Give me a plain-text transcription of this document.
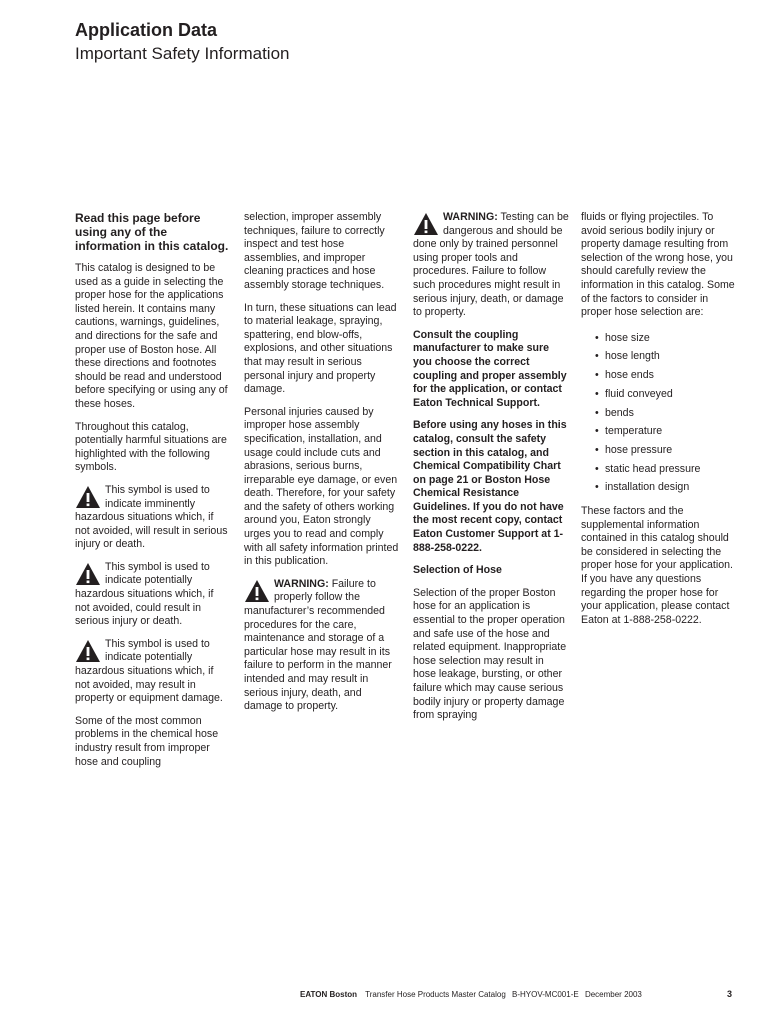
Application Data
Important Safety Information

Read this page before using any of the information in this catalog.

This catalog is designed to be used as a guide in selecting the proper hose for the applications listed herein. It contains many cautions, warnings, guidelines, and directions for the safe and proper use of Boston hose. All these directions and footnotes should be read and understood before specifying or using any of these hoses.

Throughout this catalog, potentially harmful situations are highlighted with the following symbols.

This symbol is used to indicate imminently hazardous situations which, if not avoided, will result in serious injury or death.

This symbol is used to indicate potentially hazardous situations which, if not avoided, could result in serious injury or death.

This symbol is used to indicate potentially hazardous situations which, if not avoided, may result in property or equipment damage.

Some of the most common problems in the chemical hose industry result from improper hose and coupling

selection, improper assembly techniques, failure to correctly inspect and test hose assemblies, and improper cleaning practices and hose assembly storage techniques.

In turn, these situations can lead to material leakage, spraying, spattering, end blow-offs, explosions, and other situations that may result in serious personal injury and property damage.

Personal injuries caused by improper hose assembly specification, installation, and usage could include cuts and abrasions, serious burns, irreparable eye damage, or even death. Therefore, for your safety and the safety of others working around you, Eaton strongly urges you to read and comply with all safety information printed in this publication.

WARNING: Failure to properly follow the manufacturer’s recommended procedures for the care, maintenance and storage of a particular hose may result in its failure to perform in the manner intended and may result in serious injury, death, and damage to property.

WARNING: Testing can be dangerous and should be done only by trained personnel using proper tools and procedures. Failure to follow such procedures might result in serious injury, death, or damage to property.

Consult the coupling manufacturer to make sure you choose the correct coupling and proper assembly for the application, or contact Eaton Technical Support.

Before using any hoses in this catalog, consult the safety section in this catalog, and Chemical Compatibility Chart on page 21 or Boston Hose Chemical Resistance Guidelines. If you do not have the most recent copy, contact Eaton Customer Support at 1-888-258-0222.

Selection of Hose

Selection of the proper Boston hose for an application is essential to the proper operation and safe use of the hose and related equipment. Inappropriate hose selection may result in hose leakage, bursting, or other failure which may cause serious bodily injury or property damage from spraying

fluids or flying projectiles. To avoid serious bodily injury or property damage resulting from selection of the wrong hose, you should carefully review the information in this catalog. Some of the factors to consider in proper hose selection are:

• hose size
• hose length
• hose ends
• fluid conveyed
• bends
• temperature
• hose pressure
• static head pressure
• installation design

These factors and the supplemental information contained in this catalog should be considered in selecting the proper hose for your application. If you have any questions regarding the proper hose for your application, please contact Eaton at 1-888-258-0222.

EATON Boston Transfer Hose Products Master Catalog B-HYOV-MC001-E December 2003	3
